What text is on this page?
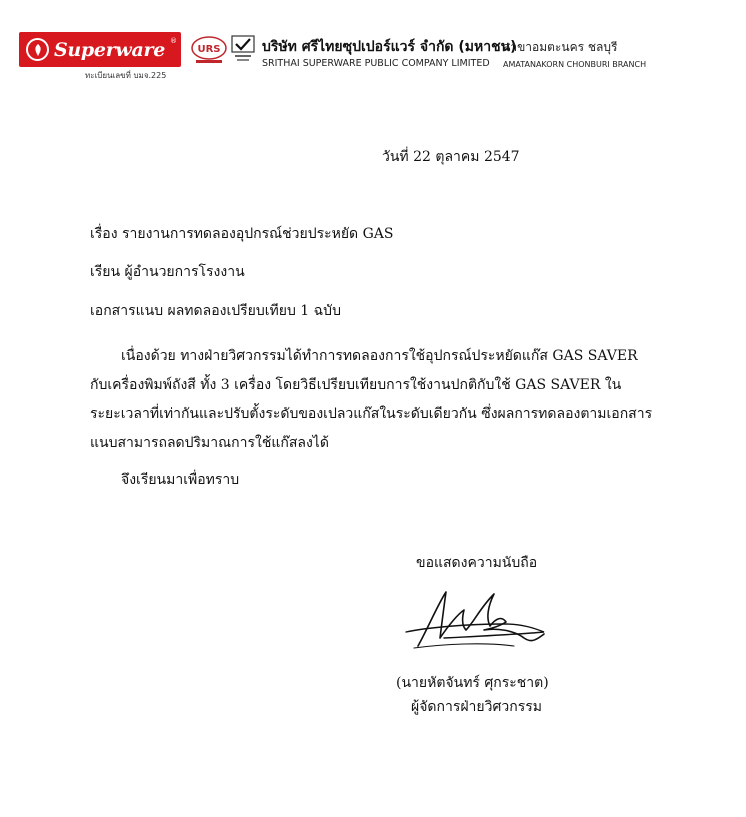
Superware ®
ทะเบียนเลขที่ บมจ.225
URS	บริษัท ศรีไทยซุปเปอร์แวร์ จำกัด (มหาชน)
สาขาอมตะนคร ชลบุรี
SRITHAI SUPERWARE PUBLIC COMPANY LIMITED AMATANAKORN CHONBURI BRANCH
วันที่ 22 ตุลาคม 2547
เรื่อง รายงานการทดลองอุปกรณ์ช่วยประหยัด GAS
เรียน ผู้อำนวยการโรงงาน
เอกสารแนบ ผลทดลองเปรียบเทียบ 1 ฉบับ
เนื่องด้วย ทางฝ่ายวิศวกรรมได้ทำการทดลองการใช้อุปกรณ์ประหยัดแก๊ส GAS SAVER
กับเครื่องพิมพ์ถังสี ทั้ง 3 เครื่อง โดยวิธีเปรียบเทียบการใช้งานปกติกับใช้ GAS SAVER ใน
ระยะเวลาที่เท่ากันและปรับตั้งระดับของเปลวแก๊สในระดับเดียวกัน ซึ่งผลการทดลองตามเอกสาร
แนบสามารถลดปริมาณการใช้แก๊สลงได้
จึงเรียนมาเพื่อทราบ
ขอแสดงความนับถือ
(นายหัตจันทร์ ศุกระชาต)
ผู้จัดการฝ่ายวิศวกรรม
